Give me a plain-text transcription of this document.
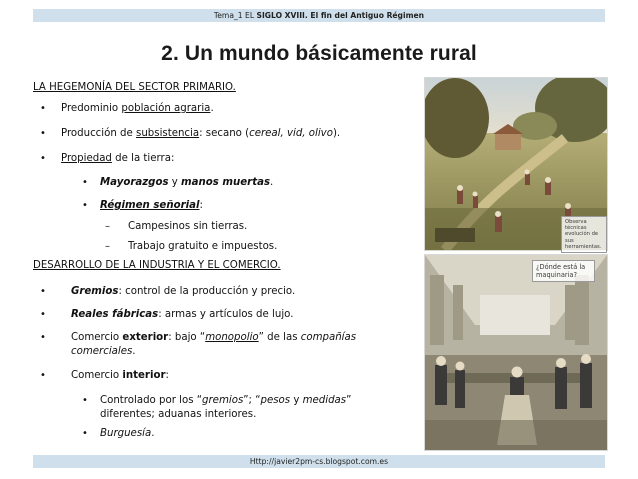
Tema_1 EL SIGLO XVIII. El fin del Antiguo Régimen
2. Un mundo básicamente rural
LA HEGEMONÍA DEL SECTOR PRIMARIO.
• Predominio población agraria.
• Producción de subsistencia: secano (cereal, vid, olivo).
• Propiedad de la tierra:
• Mayorazgos y manos muertas.
• Régimen señorial:
– Campesinos sin tierras.
– Trabajo gratuito e impuestos.
DESARROLLO DE LA INDUSTRIA Y EL COMERCIO.
• Gremios: control de la producción y precio.
• Reales fábricas: armas y artículos de lujo.
• Comercio exterior: bajo “monopolio” de las compañías comerciales.
• Comercio interior:
• Controlado por los “gremios”; “pesos y medidas” diferentes; aduanas interiores.
• Burguesía.
Observa técnicas evolución de sus herramientas.
¿Dónde está la maquinaria?
Http://javier2pm-cs.blogspot.com.es
